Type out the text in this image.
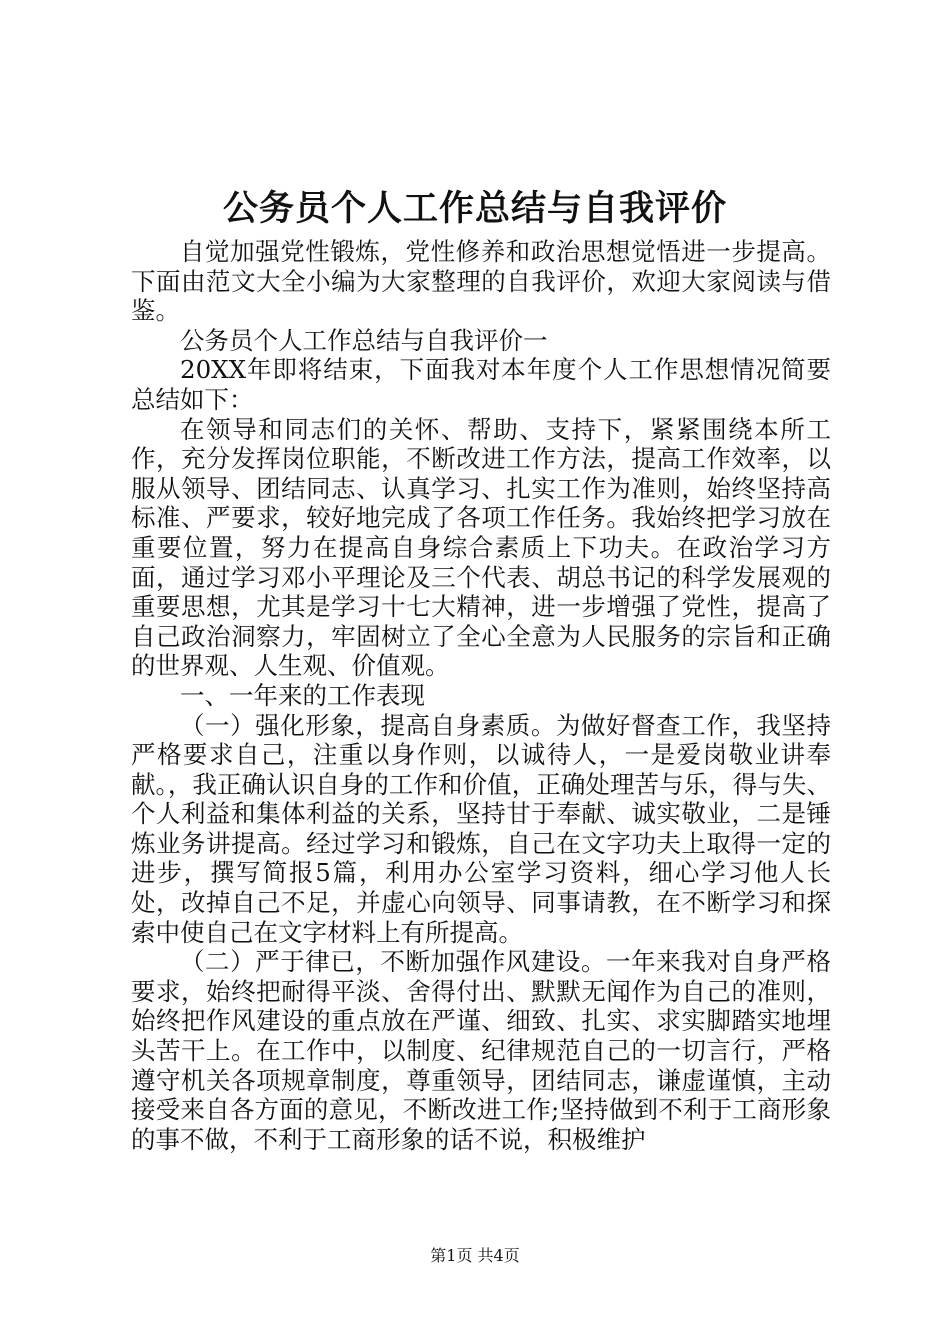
公务员个人工作总结与自我评价

自觉加强党性锻炼，党性修养和政治思想觉悟进一步提高。下面由范文大全小编为大家整理的自我评价，欢迎大家阅读与借鉴。

公务员个人工作总结与自我评价一

20XX年即将结束，下面我对本年度个人工作思想情况简要总结如下：

在领导和同志们的关怀、帮助、支持下，紧紧围绕本所工作，充分发挥岗位职能，不断改进工作方法，提高工作效率，以服从领导、团结同志、认真学习、扎实工作为准则，始终坚持高标准、严要求，较好地完成了各项工作任务。我始终把学习放在重要位置，努力在提高自身综合素质上下功夫。在政治学习方面，通过学习邓小平理论及三个代表、胡总书记的科学发展观的重要思想，尤其是学习十七大精神，进一步增强了党性，提高了自己政治洞察力，牢固树立了全心全意为人民服务的宗旨和正确的世界观、人生观、价值观。

一、一年来的工作表现

（一）强化形象，提高自身素质。为做好督查工作，我坚持严格要求自己，注重以身作则，以诚待人，一是爱岗敬业讲奉献。，我正确认识自身的工作和价值，正确处理苦与乐，得与失、个人利益和集体利益的关系，坚持甘于奉献、诚实敬业，二是锤炼业务讲提高。经过学习和锻炼，自己在文字功夫上取得一定的进步，撰写简报5篇，利用办公室学习资料，细心学习他人长处，改掉自己不足，并虚心向领导、同事请教，在不断学习和探索中使自己在文字材料上有所提高。

（二）严于律已，不断加强作风建设。一年来我对自身严格要求，始终把耐得平淡、舍得付出、默默无闻作为自己的准则，始终把作风建设的重点放在严谨、细致、扎实、求实脚踏实地埋头苦干上。在工作中，以制度、纪律规范自己的一切言行，严格遵守机关各项规章制度，尊重领导，团结同志，谦虚谨慎，主动接受来自各方面的意见，不断改进工作;坚持做到不利于工商形象的事不做，不利于工商形象的话不说，积极维护

第1页 共4页
